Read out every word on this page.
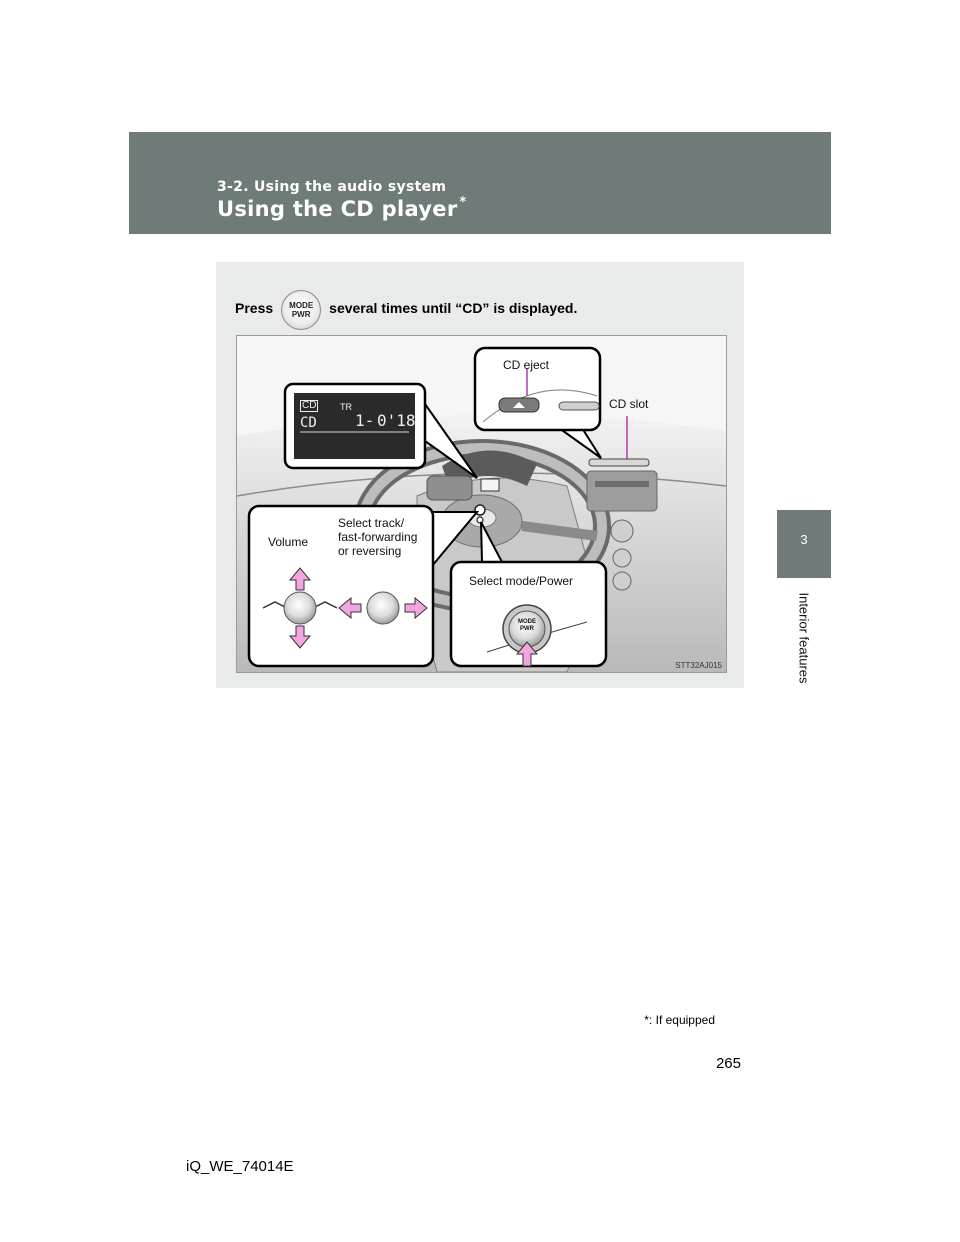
3-2. Using the audio system
Using the CD player *
3
Interior features
Press MODE
PWR several times until “CD” is displayed.
CD	TR
CD 1- 0'18
CD eject
CD slot
Volume
Select track/
fast-forwarding
or reversing
Select mode/Power
MODE
PWR
STT32AJ015
*: If equipped
265
iQ_WE_74014E
